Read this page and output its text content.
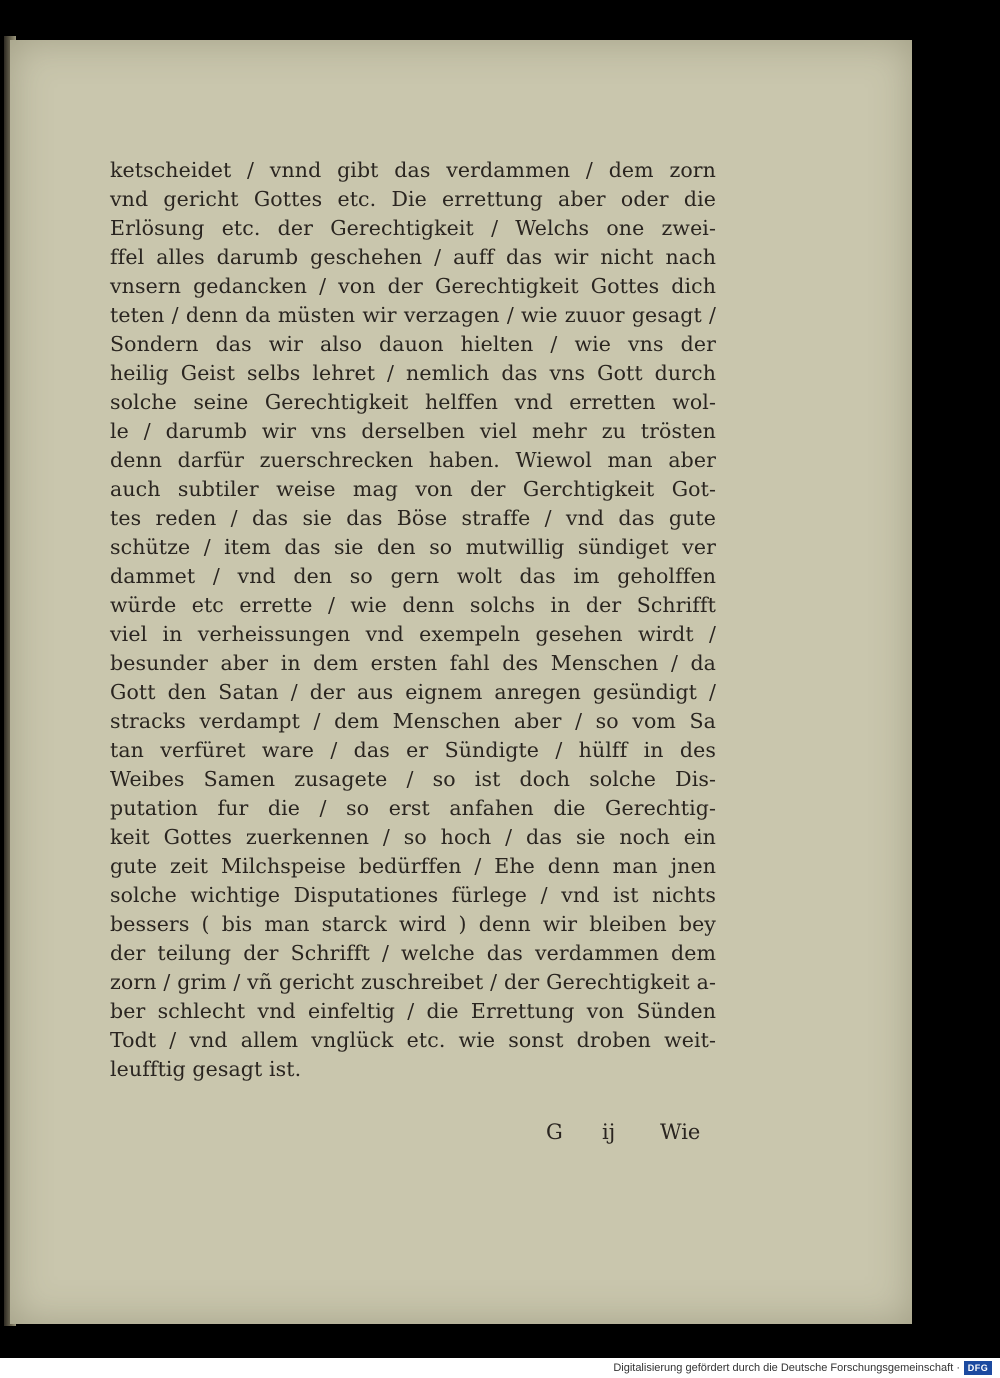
ketscheidet / vnnd gibt das verdammen / dem zorn
vnd gericht Gottes etc. Die errettung aber oder die
Erlösung etc. der Gerechtigkeit / Welchs one zwei-
ffel alles darumb geschehen / auff das wir nicht nach
vnsern gedancken / von der Gerechtigkeit Gottes dich
teten / denn da müsten wir verzagen / wie zuuor gesagt /
Sondern das wir also dauon hielten / wie vns der
heilig Geist selbs lehret / nemlich das vns Gott durch
solche seine Gerechtigkeit helffen vnd erretten wol-
le / darumb wir vns derselben viel mehr zu trösten
denn darfür zuerschrecken haben. Wiewol man aber
auch subtiler weise mag von der Gerchtigkeit Got-
tes reden / das sie das Böse straffe / vnd das gute
schütze / item das sie den so mutwillig sündiget ver
dammet / vnd den so gern wolt das im geholffen
würde etc errette / wie denn solchs in der Schrifft
viel in verheissungen vnd exempeln gesehen wirdt /
besunder aber in dem ersten fahl des Menschen / da
Gott den Satan / der aus eignem anregen gesündigt /
stracks verdampt / dem Menschen aber / so vom Sa
tan verfüret ware / das er Sündigte / hülff in des
Weibes Samen zusagete / so ist doch solche Dis-
putation fur die / so erst anfahen die Gerechtig-
keit Gottes zuerkennen / so hoch / das sie noch ein
gute zeit Milchspeise bedürffen / Ehe denn man jnen
solche wichtige Disputationes fürlege / vnd ist nichts
bessers ( bis man starck wird ) denn wir bleiben bey
der teilung der Schrifft / welche das verdammen dem
zorn / grim / vñ gericht zuschreibet / der Gerechtigkeit a-
ber schlecht vnd einfeltig / die Errettung von Sünden
Todt / vnd allem vnglück etc. wie sonst droben weit-
leufftig gesagt ist.
G ij Wie
Digitalisierung gefördert durch die Deutsche Forschungsgemeinschaft · DFG
